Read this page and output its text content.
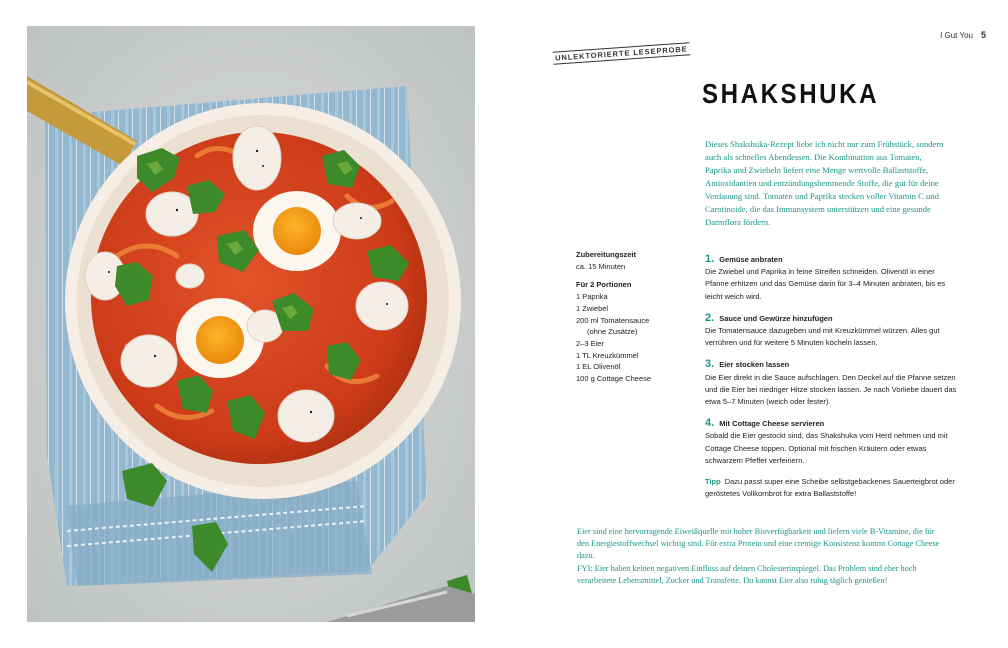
I Gut You 5
UNLEKTORIERTE LESEPROBE
SHAKSHUKA
Dieses Shakshuka-Rezept liebe ich nicht nur zum Frühstück, sondern auch als schnelles Abendessen. Die Kombination aus Tomaten, Paprika und Zwiebeln liefert eine Menge wertvolle Ballaststoffe, Antioxidantien und entzündungshemmende Stoffe, die gut für deine Verdauung sind. Tomaten und Paprika stecken voller Vitamin C und Carotinoide, die das Immunsystem unterstützen und eine gesunde Darmflora fördern.
Zubereitungszeit
ca. 15 Minuten
Für 2 Portionen
1 Paprika
1 Zwiebel
200 ml Tomatensauce
(ohne Zusätze)
2–3 Eier
1 TL Kreuzkümmel
1 EL Olivenöl
100 g Cottage Cheese
1. Gemüse anbraten
Die Zwiebel und Paprika in feine Streifen schneiden. Olivenöl in einer Pfanne erhitzen und das Gemüse darin für 3–4 Minuten anbraten, bis es leicht weich wird.
2. Sauce und Gewürze hinzufügen
Die Tomatensauce dazugeben und mit Kreuzkümmel würzen. Alles gut verrühren und für weitere 5 Minuten köcheln lassen.
3. Eier stocken lassen
Die Eier direkt in die Sauce aufschlagen. Den Deckel auf die Pfanne setzen und die Eier bei niedriger Hitze stocken lassen. Je nach Vorliebe dauert das etwa 5–7 Minuten (weich oder fester).
4. Mit Cottage Cheese servieren
Sobald die Eier gestockt sind, das Shakshuka vom Herd nehmen und mit Cottage Cheese toppen. Optional mit frischen Kräutern oder etwas schwarzem Pfeffer verfeinern.
Tipp Dazu passt super eine Scheibe selbstgebackenes Sauerteigbrot oder geröstetes Vollkornbrot für extra Ballaststoffe!
Eier sind eine hervorragende Eiweißquelle mit hoher Bioverfügbarkeit und liefern viele B-Vitamine, die für den Energiestoffwechsel wichtig sind. Für extra Protein und eine cremige Konsistenz kommt Cottage Cheese dazu.
FYI: Eier haben keinen negativen Einfluss auf deinen Cholesterinspiegel. Das Problem sind eher hoch verarbeitete Lebensmittel, Zucker und Transfette. Du kannst Eier also ruhig täglich genießen!
